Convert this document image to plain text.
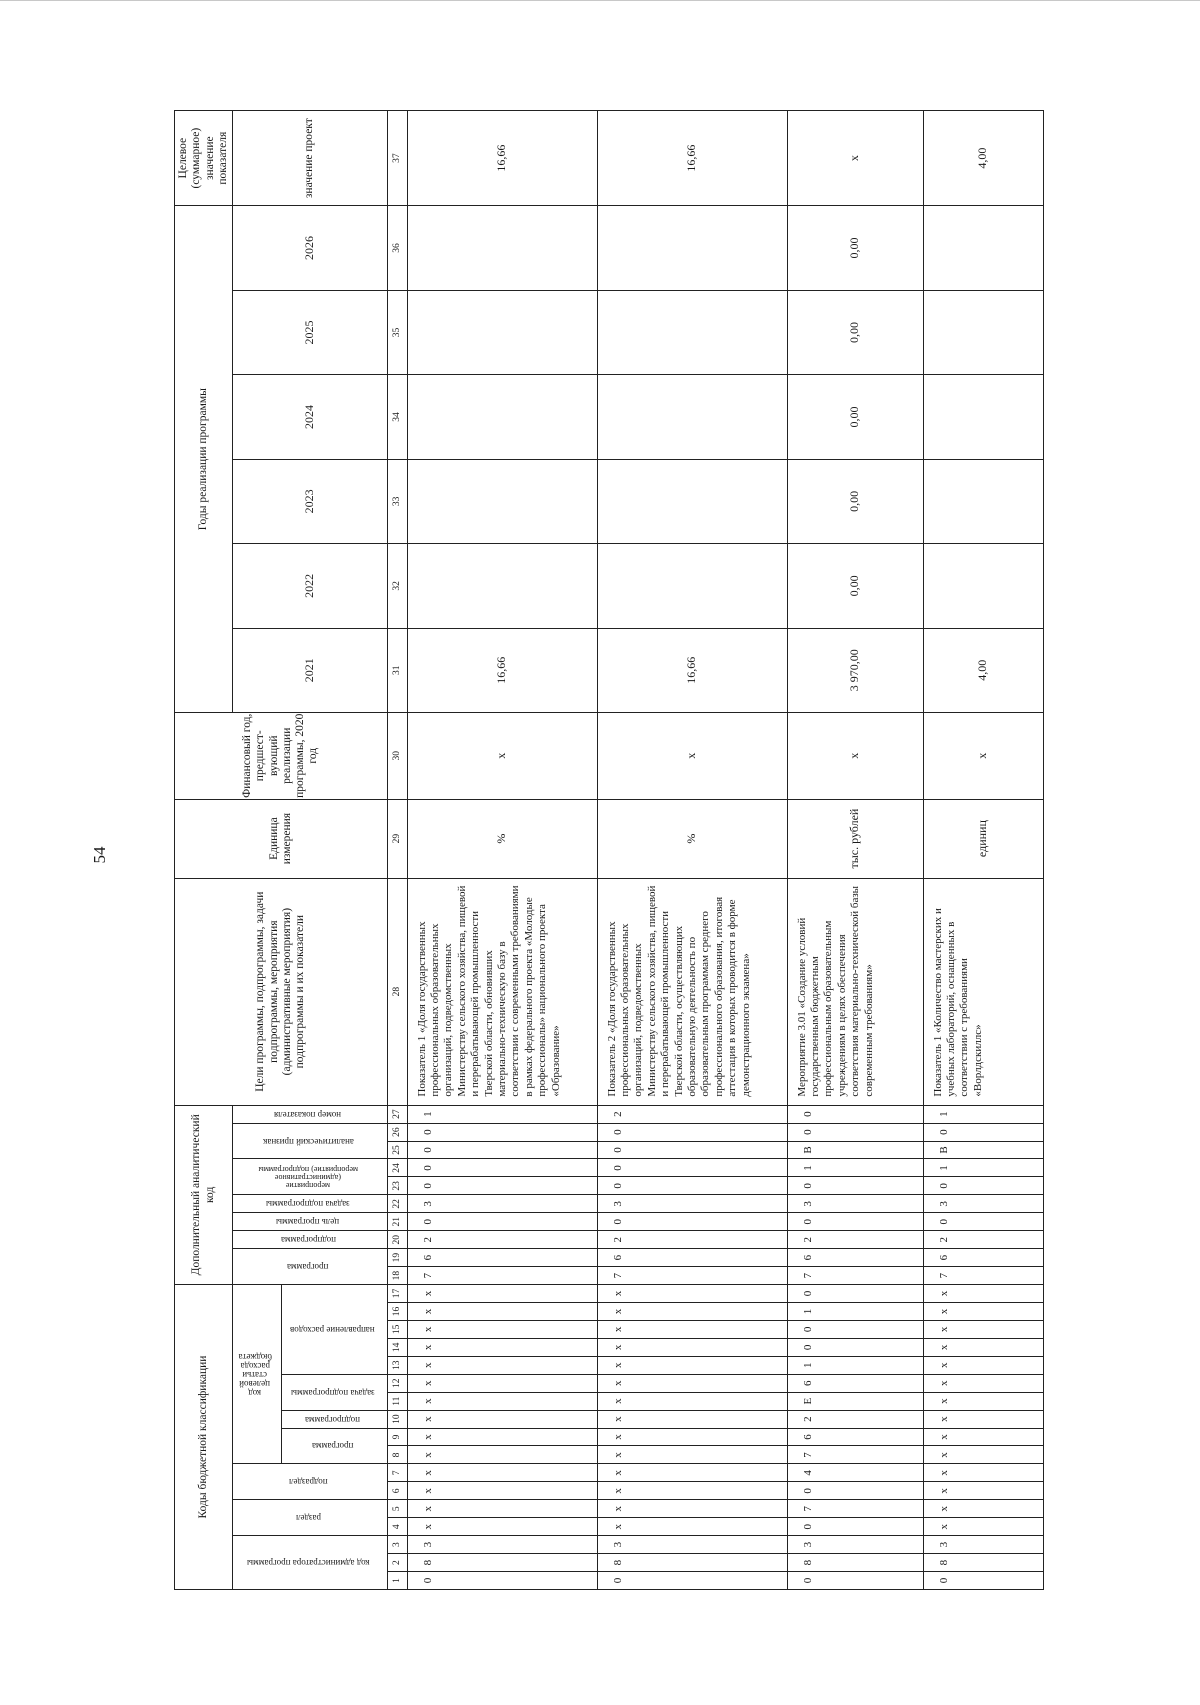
54
Коды бюджетной классификации																	Дополнительный аналитический код										Цели программы, подпрограммы, задачи подпрограммы, мероприятия (административные мероприятия) подпрограммы и их показатели	Единица измерения	Финансовый год, предшест-вующий реализации программы, 2020 год	Годы реализации программы						Целевое (суммарное) значение показателя
код администратора программы			раздел		подраздел		код целевой статьи расхода бюджета										программа		подпрограмма	цель программы	задача подпрограммы	мероприятие (административное мероприятие) подпрограммы		аналитический признак		номер показателя				2021	2022	2023	2024	2025	2026	значение проект
							программа		подпрограмма	задача подпрограммы		направление расходов																								
1	2	3	4	5	6	7	8	9	10	11	12	13	14	15	16	17	18	19	20	21	22	23	24	25	26	27	28	29	30	31	32	33	34	35	36	37
0	8	3	x	x	x	x	x	x	x	x	x	x	x	x	x	x	7	6	2	0	3	0	0	0	0	1	Показатель 1 «Доля государственных профессиональных образовательных организаций, подведомственных Министерству сельского хозяйства, пищевой и перерабатывающей промышленности Тверской области, обновивших материально-техническую базу в соответствии с современными требованиями в рамках федерального проекта «Молодые профессионалы» национального проекта «Образование»	%	x	16,66						16,66
0	8	3	x	x	x	x	x	x	x	x	x	x	x	x	x	x	7	6	2	0	3	0	0	0	0	2	Показатель 2 «Доля государственных профессиональных образовательных организаций, подведомственных Министерству сельского хозяйства, пищевой и перерабатывающей промышленности Тверской области, осуществляющих образовательную деятельность по образовательным программам среднего профессионального образования, итоговая аттестация в которых проводится в форме демонстрационного экзамена»	%	x	16,66						16,66
0	8	3	0	7	0	4	7	6	2	Е	6	1	0	0	1	0	7	6	2	0	3	0	1	В	0	0	Мероприятие 3.01 «Создание условий государственным бюджетным профессиональным образовательным учреждениям в целях обеспечения соответствия материально-технической базы современным требованиям»	тыс. рублей	x	3 970,00	0,00	0,00	0,00	0,00	0,00	x
0	8	3	x	x	x	x	x	x	x	x	x	x	x	x	x	x	7	6	2	0	3	0	1	В	0	1	Показатель 1 «Количество мастерских и учебных лабораторий, оснащенных в соответствии с требованиями «Ворлдскиллс»	единиц	x	4,00						4,00
